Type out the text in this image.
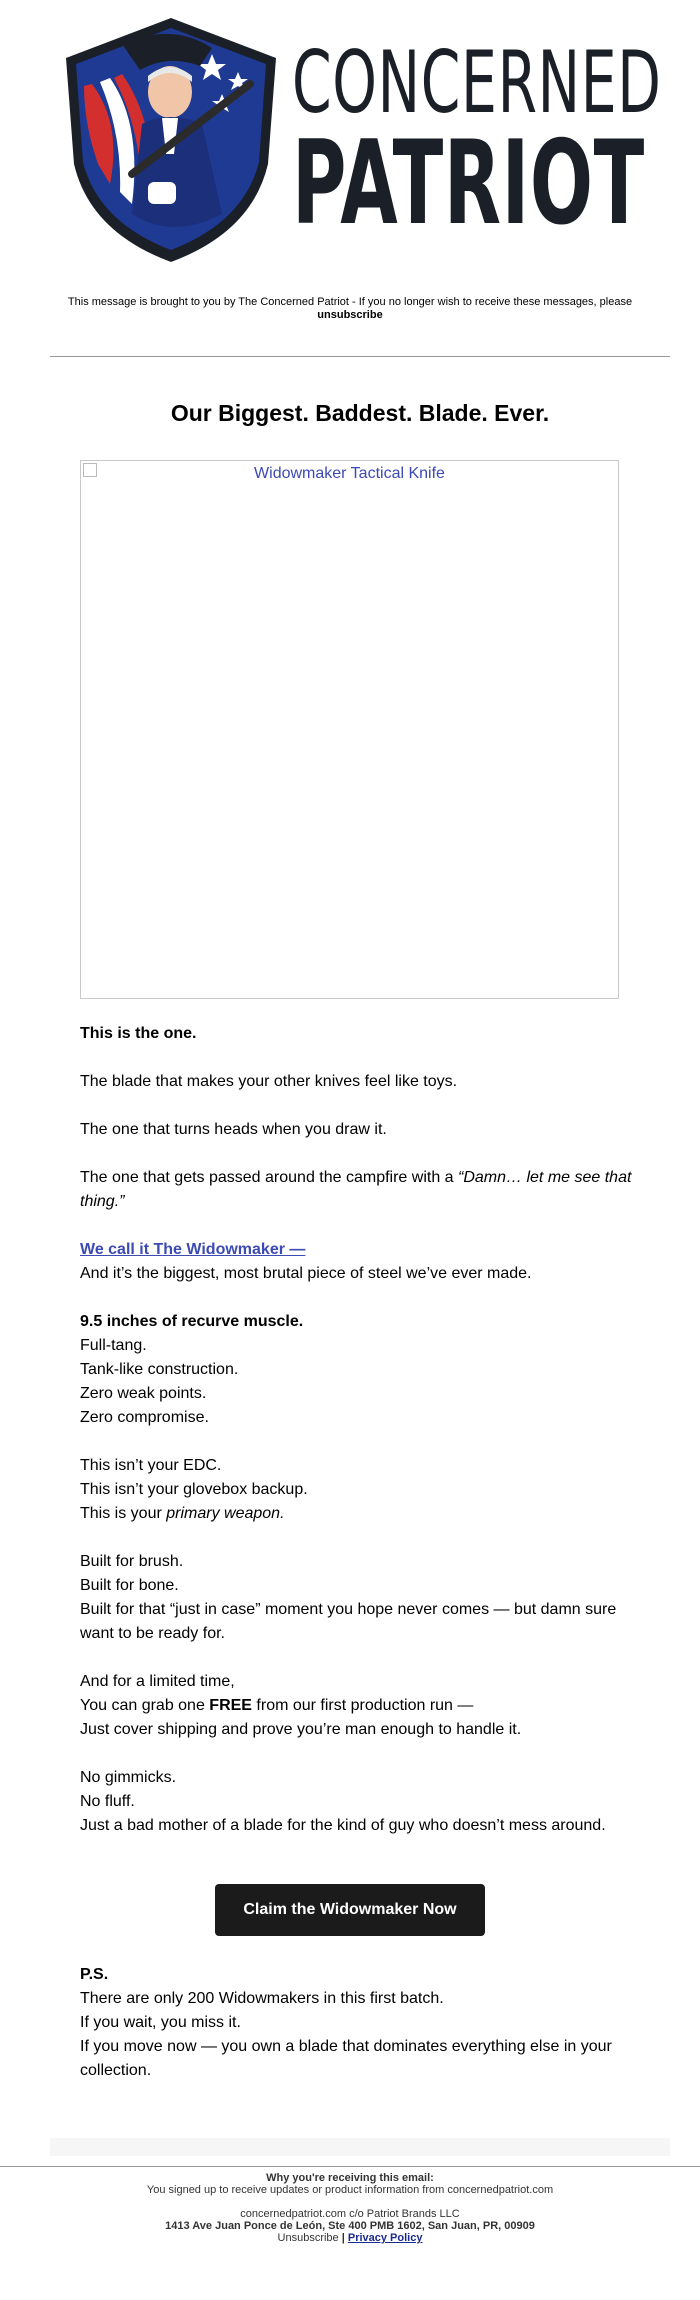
CONCERNED
PATRIOT
This message is brought to you by The Concerned Patriot - If you no longer wish to receive these messages, please
unsubscribe
Our Biggest. Baddest. Blade. Ever.
Widowmaker Tactical Knife

This is the one.

The blade that makes your other knives feel like toys.

The one that turns heads when you draw it.

The one that gets passed around the campfire with a “Damn… let me see that thing.”

We call it The Widowmaker —
And it’s the biggest, most brutal piece of steel we’ve ever made.

9.5 inches of recurve muscle.
Full-tang.
Tank-like construction.
Zero weak points.
Zero compromise.

This isn’t your EDC.
This isn’t your glovebox backup.
This is your primary weapon.

Built for brush.
Built for bone.
Built for that “just in case” moment you hope never comes — but damn sure want to be ready for.

And for a limited time,
You can grab one FREE from our first production run —
Just cover shipping and prove you’re man enough to handle it.

No gimmicks.
No fluff.
Just a bad mother of a blade for the kind of guy who doesn’t mess around.

Claim the Widowmaker Now
P.S.
There are only 200 Widowmakers in this first batch.
If you wait, you miss it.
If you move now — you own a blade that dominates everything else in your collection.
Why you're receiving this email:
You signed up to receive updates or product information from concernedpatriot.com
concernedpatriot.com c/o Patriot Brands LLC
1413 Ave Juan Ponce de León, Ste 400 PMB 1602, San Juan, PR, 00909
Unsubscribe | Privacy Policy
